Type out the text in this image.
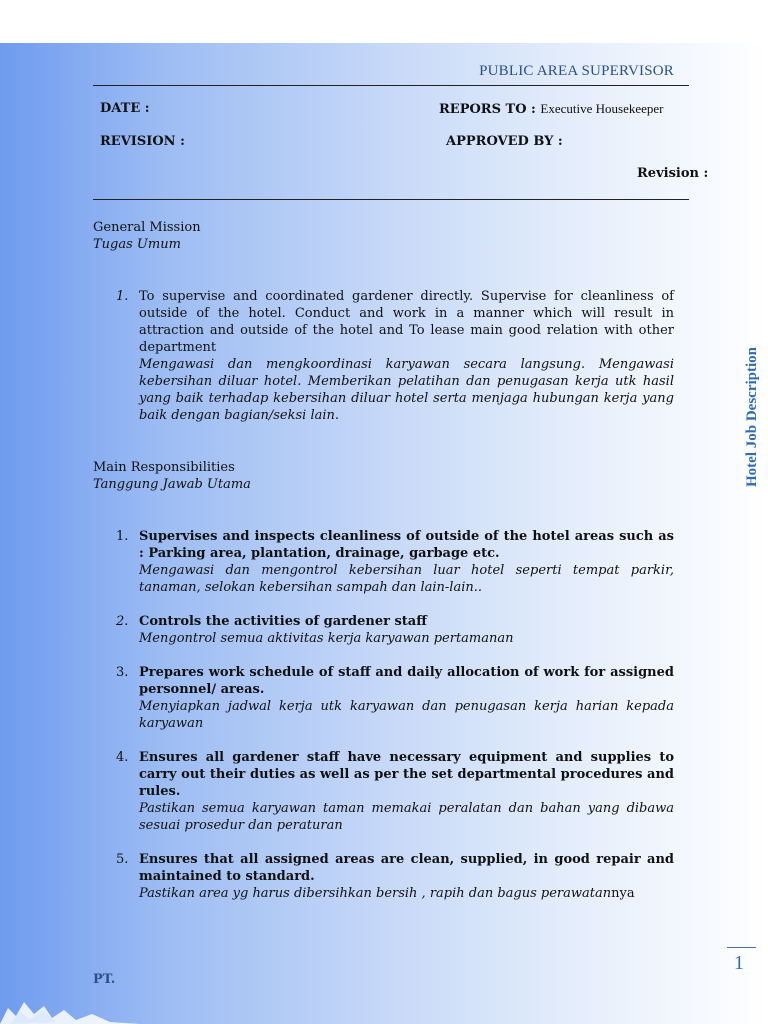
PUBLIC AREA SUPERVISOR
DATE :	REPORS TO : Executive Housekeeper
REVISION :	APPROVED BY :
Revision :
General Mission
Tugas Umum
1. To supervise and coordinated gardener directly. Supervise for cleanliness of outside of the hotel. Conduct and work in a manner which will result in attraction and outside of the hotel and To lease main good relation with other department
Mengawasi dan mengkoordinasi karyawan secara langsung. Mengawasi kebersihan diluar hotel. Memberikan pelatihan dan penugasan kerja utk hasil yang baik terhadap kebersihan diluar hotel serta menjaga hubungan kerja yang baik dengan bagian/seksi lain.
Main Responsibilities
Tanggung Jawab Utama
1. Supervises and inspects cleanliness of outside of the hotel areas such as : Parking area, plantation, drainage, garbage etc.
Mengawasi dan mengontrol kebersihan luar hotel seperti tempat parkir, tanaman, selokan kebersihan sampah dan lain-lain..
2. Controls the activities of gardener staff
Mengontrol semua aktivitas kerja karyawan pertamanan
3. Prepares work schedule of staff and daily allocation of work for assigned personnel/ areas.
Menyiapkan jadwal kerja utk karyawan dan penugasan kerja harian kepada karyawan
4. Ensures all gardener staff have necessary equipment and supplies to carry out their duties as well as per the set departmental procedures and rules.
Pastikan semua karyawan taman memakai peralatan dan bahan yang dibawa sesuai prosedur dan peraturan
5. Ensures that all assigned areas are clean, supplied, in good repair and maintained to standard.
Pastikan area yg harus dibersihkan bersih , rapih dan bagus perawatannya
Hotel Job Description
1
PT.
